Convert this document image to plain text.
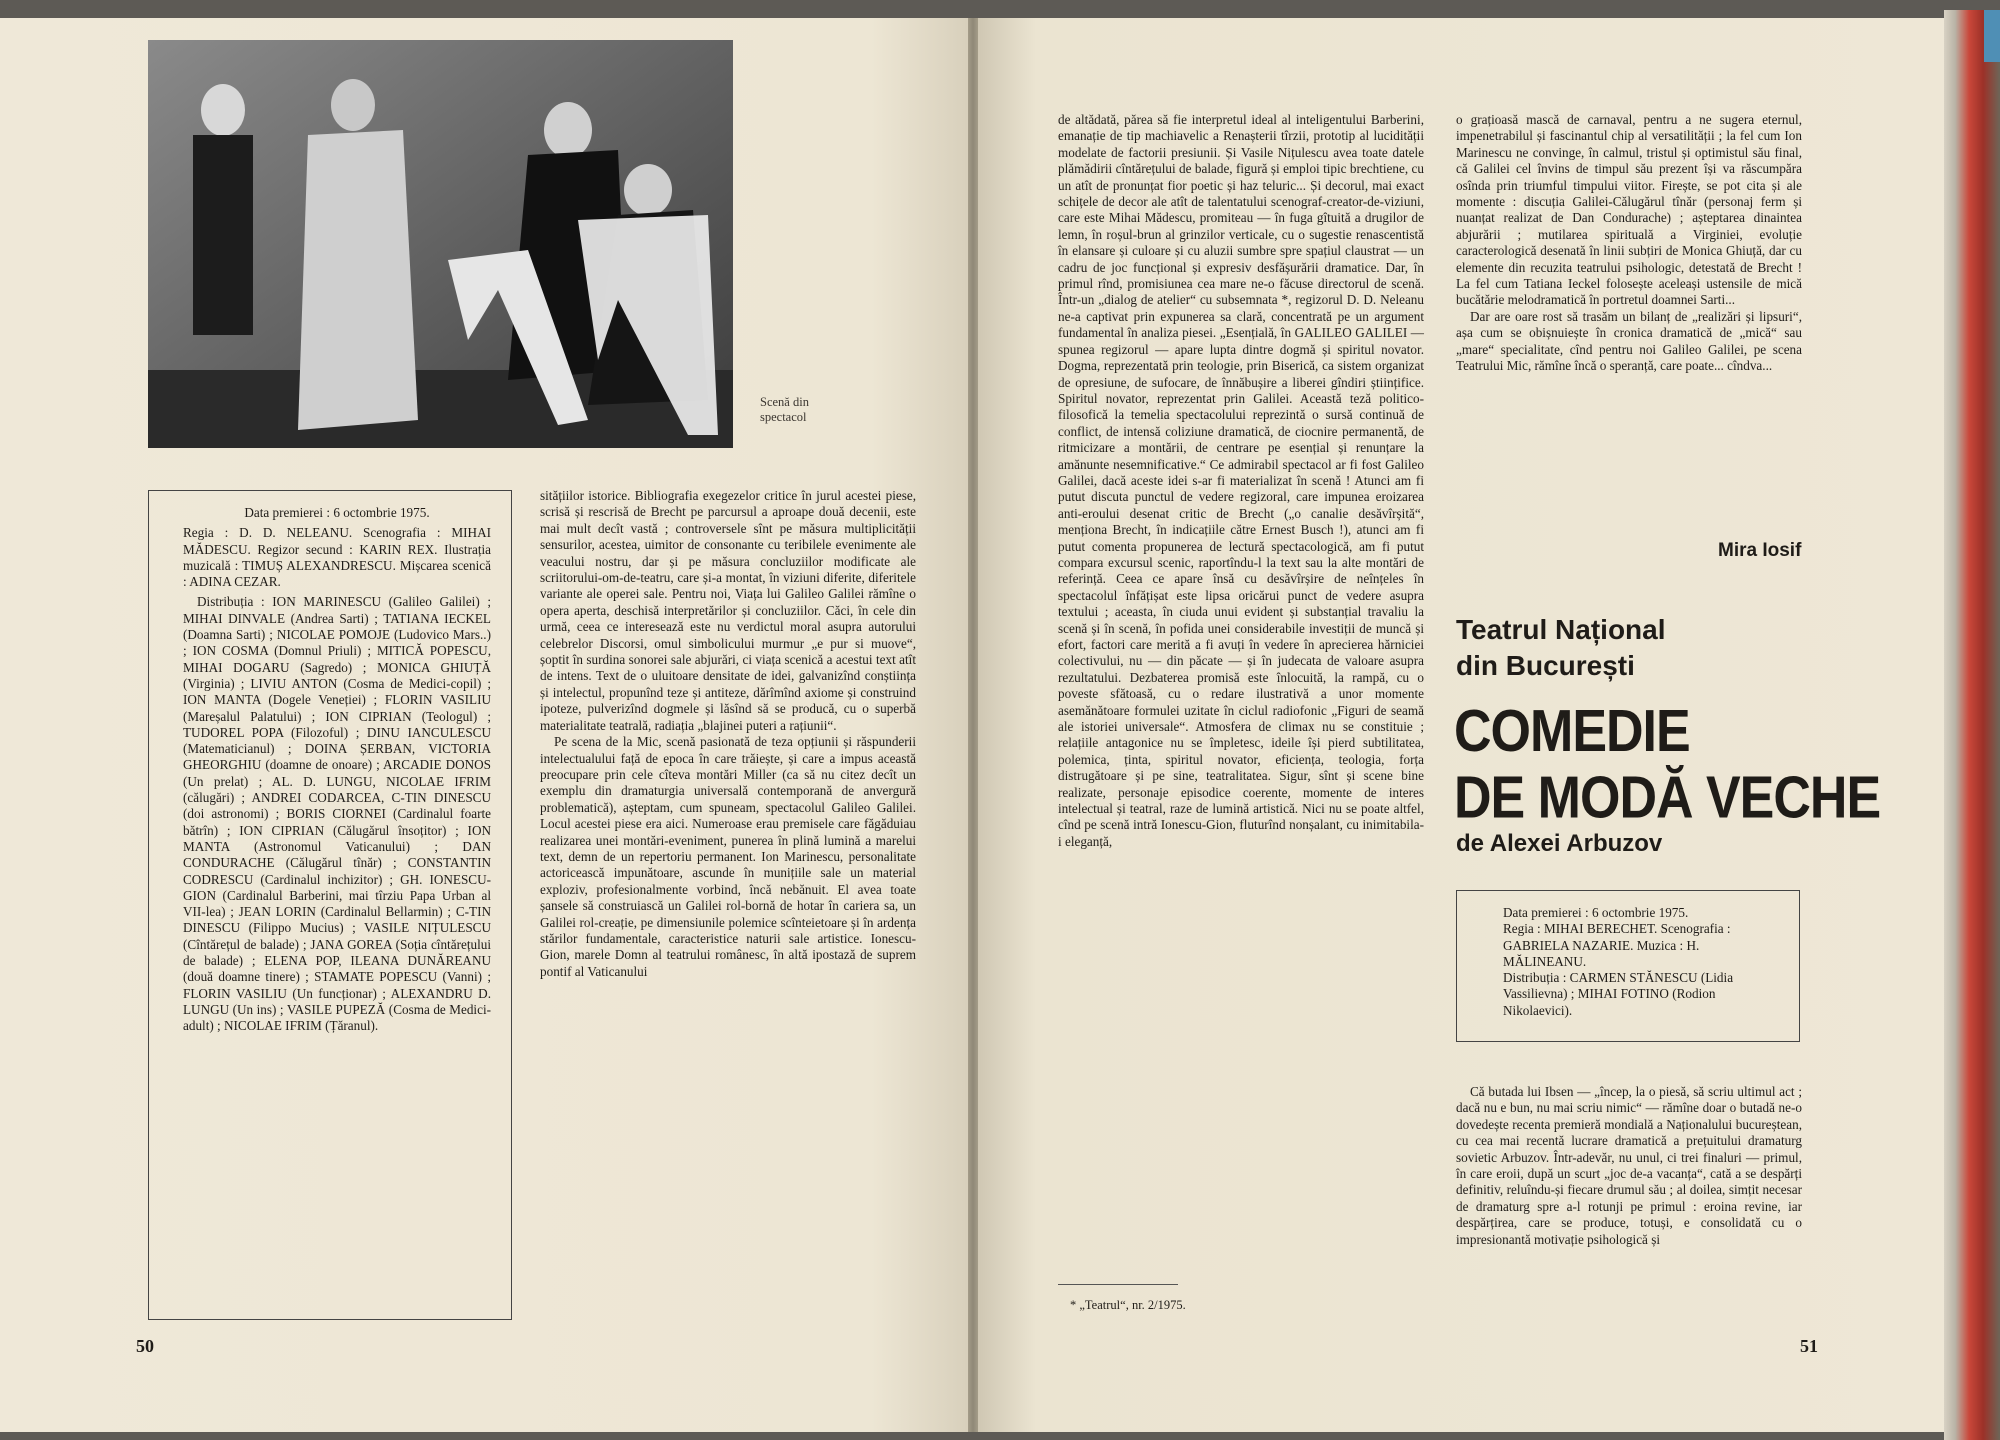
Scenă din spectacol

Data premierei : 6 octombrie 1975.

Regia : D. D. NELEANU. Scenografia : MIHAI MĂDESCU. Regizor secund : KARIN REX. Ilustrația muzicală : TIMUȘ ALEXANDRESCU. Mișcarea scenică : ADINA CEZAR.

Distribuția : ION MARINESCU (Galileo Galilei) ; MIHAI DINVALE (Andrea Sarti) ; TATIANA IECKEL (Doamna Sarti) ; NICOLAE POMOJE (Ludovico Mars..) ; ION COSMA (Domnul Priuli) ; MITICĂ POPESCU, MIHAI DOGARU (Sagredo) ; MONICA GHIUȚĂ (Virginia) ; LIVIU ANTON (Cosma de Medici-copil) ; ION MANTA (Dogele Veneției) ; FLORIN VASILIU (Mareșalul Palatului) ; ION CIPRIAN (Teologul) ; TUDOREL POPA (Filozoful) ; DINU IANCULESCU (Matematicianul) ; DOINA ȘERBAN, VICTORIA GHEORGHIU (doamne de onoare) ; ARCADIE DONOS (Un prelat) ; AL. D. LUNGU, NICOLAE IFRIM (călugări) ; ANDREI CODARCEA, C-TIN DINESCU (doi astronomi) ; BORIS CIORNEI (Cardinalul foarte bătrîn) ; ION CIPRIAN (Călugărul însoțitor) ; ION MANTA (Astronomul Vaticanului) ; DAN CONDURACHE (Călugărul tînăr) ; CONSTANTIN CODRESCU (Cardinalul inchizitor) ; GH. IONESCU-GION (Cardinalul Barberini, mai tîrziu Papa Urban al VII-lea) ; JEAN LORIN (Cardinalul Bellarmin) ; C-TIN DINESCU (Filippo Mucius) ; VASILE NIȚULESCU (Cîntărețul de balade) ; JANA GOREA (Soția cîntărețului de balade) ; ELENA POP, ILEANA DUNĂREANU (două doamne tinere) ; STAMATE POPESCU (Vanni) ; FLORIN VASILIU (Un funcționar) ; ALEXANDRU D. LUNGU (Un ins) ; VASILE PUPEZĂ (Cosma de Medici-adult) ; NICOLAE IFRIM (Țăranul).

sitățiilor istorice. Bibliografia exegezelor critice în jurul acestei piese, scrisă și rescrisă de Brecht pe parcursul a aproape două decenii, este mai mult decît vastă ; controversele sînt pe măsura multiplicității sensurilor, acestea, uimitor de consonante cu teribilele evenimente ale veacului nostru, dar și pe măsura concluziilor modificate ale scriitorului-om-de-teatru, care și-a montat, în viziuni diferite, diferitele variante ale operei sale. Pentru noi, Viața lui Galileo Galilei rămîne o opera aperta, deschisă interpretărilor și concluziilor. Căci, în cele din urmă, ceea ce interesează este nu verdictul moral asupra autorului celebrelor Discorsi, omul simbolicului murmur „e pur si muove“, șoptit în surdina sonorei sale abjurări, ci viața scenică a acestui text atît de intens. Text de o uluitoare densitate de idei, galvanizînd conștiința și intelectul, propunînd teze și antiteze, dărîmînd axiome și construind ipoteze, pulverizînd dogmele și lăsînd să se producă, cu o superbă materialitate teatrală, radiația „blajinei puteri a rațiunii“.

Pe scena de la Mic, scenă pasionată de teza opțiunii și răspunderii intelectualului față de epoca în care trăiește, și care a impus această preocupare prin cele cîteva montări Miller (ca să nu citez decît un exemplu din dramaturgia universală contemporană de anvergură problematică), așteptam, cum spuneam, spectacolul Galileo Galilei. Locul acestei piese era aici. Numeroase erau premisele care făgăduiau realizarea unei montări-eveniment, punerea în plină lumină a marelui text, demn de un repertoriu permanent. Ion Marinescu, personalitate actoricească impunătoare, ascunde în munițiile sale un material exploziv, profesionalmente vorbind, încă nebănuit. El avea toate șansele să construiască un Galilei rol-bornă de hotar în cariera sa, un Galilei rol-creație, pe dimensiunile polemice scînteietoare și în ardența stărilor fundamentale, caracteristice naturii sale artistice. Ionescu-Gion, marele Domn al teatrului românesc, în altă ipostază de suprem pontif al Vaticanului

50

de altădată, părea să fie interpretul ideal al inteligentului Barberini, emanație de tip machiavelic a Renașterii tîrzii, prototip al lucidității modelate de factorii presiunii. Și Vasile Nițulescu avea toate datele plămădirii cîntărețului de balade, figură și emploi tipic brechtiene, cu un atît de pronunțat fior poetic și haz teluric... Și decorul, mai exact schițele de decor ale atît de talentatului scenograf-creator-de-viziuni, care este Mihai Mădescu, promiteau — în fuga gîtuită a drugilor de lemn, în roșul-brun al grinzilor verticale, cu o sugestie renascentistă în elansare și culoare și cu aluzii sumbre spre spațiul claustrat — un cadru de joc funcțional și expresiv desfășurării dramatice. Dar, în primul rînd, promisiunea cea mare ne-o făcuse directorul de scenă. Într-un „dialog de atelier“ cu subsemnata *, regizorul D. D. Neleanu ne-a captivat prin expunerea sa clară, concentrată pe un argument fundamental în analiza piesei. „Esențială, în GALILEO GALILEI — spunea regizorul — apare lupta dintre dogmă și spiritul novator. Dogma, reprezentată prin teologie, prin Biserică, ca sistem organizat de opresiune, de sufocare, de înnăbușire a liberei gîndiri științifice. Spiritul novator, reprezentat prin Galilei. Această teză politico-filosofică la temelia spectacolului reprezintă o sursă continuă de conflict, de intensă coliziune dramatică, de ciocnire permanentă, de ritmicizare a montării, de centrare pe esențial și renunțare la amănunte nesemnificative.“ Ce admirabil spectacol ar fi fost Galileo Galilei, dacă aceste idei s-ar fi materializat în scenă ! Atunci am fi putut discuta punctul de vedere regizoral, care impunea eroizarea anti-eroului desenat critic de Brecht („o canalie desăvîrșită“, menționa Brecht, în indicațiile către Ernest Busch !), atunci am fi putut comenta propunerea de lectură spectacologică, am fi putut compara excursul scenic, raportîndu-l la text sau la alte montări de referință. Ceea ce apare însă cu desăvîrșire de neînțeles în spectacolul înfățișat este lipsa oricărui punct de vedere asupra textului ; aceasta, în ciuda unui evident și substanțial travaliu la scenă și în scenă, în pofida unei considerabile investiții de muncă și efort, factori care merită a fi avuți în vedere în aprecierea hărniciei colectivului, nu — din păcate — și în judecata de valoare asupra rezultatului. Dezbaterea promisă este înlocuită, la rampă, cu o poveste sfătoasă, cu o redare ilustrativă a unor momente asemănătoare formulei uzitate în ciclul radiofonic „Figuri de seamă ale istoriei universale“. Atmosfera de climax nu se constituie ; relațiile antagonice nu se împletesc, ideile își pierd subtilitatea, polemica, ținta, spiritul novator, eficiența, teologia, forța distrugătoare și pe sine, teatralitatea. Sigur, sînt și scene bine realizate, personaje episodice coerente, momente de interes intelectual și teatral, raze de lumină artistică. Nici nu se poate altfel, cînd pe scenă intră Ionescu-Gion, fluturînd nonșalant, cu inimitabila-i eleganță,

o grațioasă mască de carnaval, pentru a ne sugera eternul, impenetrabilul și fascinantul chip al versatilității ; la fel cum Ion Marinescu ne convinge, în calmul, tristul și optimistul său final, că Galilei cel învins de timpul său prezent își va răscumpăra osînda prin triumful timpului viitor. Firește, se pot cita și ale momente : discuția Galilei-Călugărul tînăr (personaj ferm și nuanțat realizat de Dan Condurache) ; așteptarea dinaintea abjurării ; mutilarea spirituală a Virginiei, evoluție caracterologică desenată în linii subțiri de Monica Ghiuță, dar cu elemente din recuzita teatrului psihologic, detestată de Brecht ! La fel cum Tatiana Ieckel folosește aceleași ustensile de mică bucătărie melodramatică în portretul doamnei Sarti...

Dar are oare rost să trasăm un bilanț de „realizări și lipsuri“, așa cum se obișnuiește în cronica dramatică de „mică“ sau „mare“ specialitate, cînd pentru noi Galileo Galilei, pe scena Teatrului Mic, rămîne încă o speranță, care poate... cîndva...

Că butada lui Ibsen — „încep, la o piesă, să scriu ultimul act ; dacă nu e bun, nu mai scriu nimic“ — rămîne doar o butadă ne-o dovedește recenta premieră mondială a Naționalului bucureștean, cu cea mai recentă lucrare dramatică a prețuitului dramaturg sovietic Arbuzov. Într-adevăr, nu unul, ci trei finaluri — primul, în care eroii, după un scurt „joc de-a vacanța“, cată a se despărți definitiv, reluîndu-și fiecare drumul său ; al doilea, simțit necesar de dramaturg spre a-l rotunji pe primul : eroina revine, iar despărțirea, care se produce, totuși, e consolidată cu o impresionantă motivație psihologică și

51
* „Teatrul“, nr. 2/1975.
Mira Iosif
Teatrul Național
din București
COMEDIE
DE MODĂ VECHE
de Alexei Arbuzov

Data premierei : 6 octombrie 1975.

Regia : MIHAI BERECHET. Scenografia : GABRIELA NAZARIE. Muzica : H. MĂLINEANU.

Distribuția : CARMEN STĂNESCU (Lidia Vassilievna) ; MIHAI FOTINO (Rodion Nikolaevici).
